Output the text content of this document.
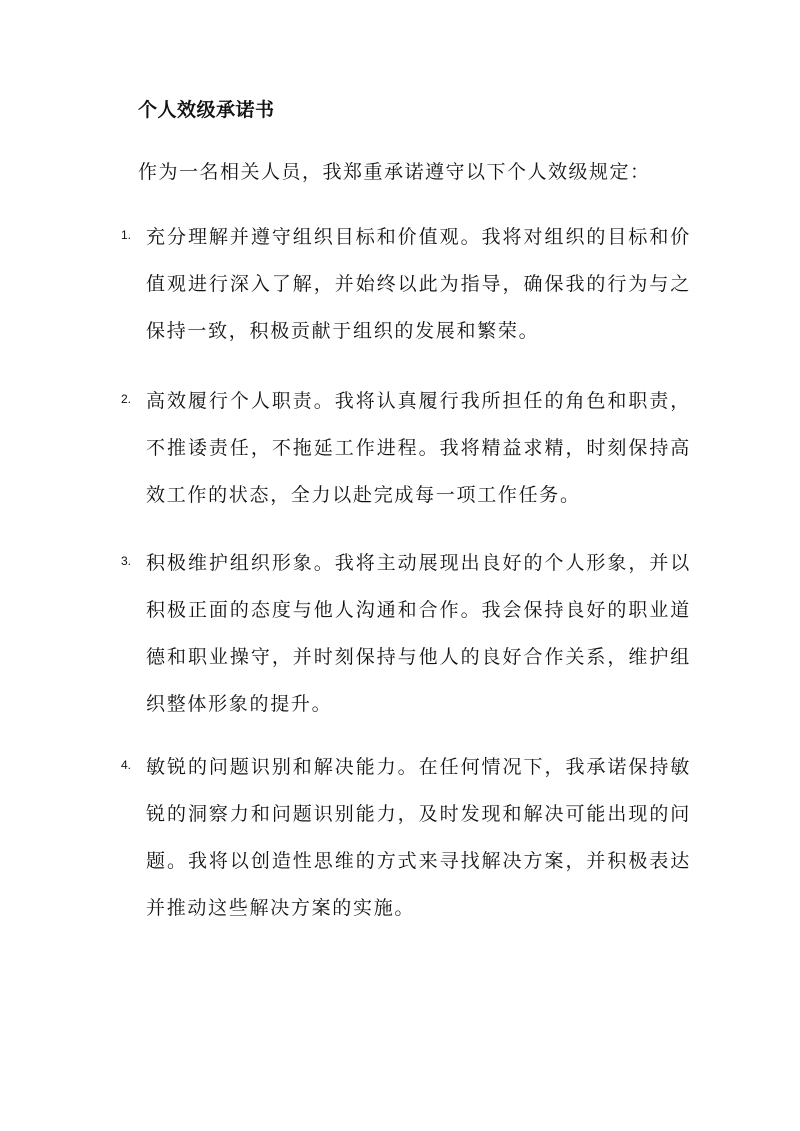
个人效级承诺书
作为一名相关人员，我郑重承诺遵守以下个人效级规定：
1. 充分理解并遵守组织目标和价值观。我将对组织的目标和价值观进行深入了解，并始终以此为指导，确保我的行为与之保持一致，积极贡献于组织的发展和繁荣。

2. 高效履行个人职责。我将认真履行我所担任的角色和职责，不推诿责任，不拖延工作进程。我将精益求精，时刻保持高效工作的状态，全力以赴完成每一项工作任务。

3. 积极维护组织形象。我将主动展现出良好的个人形象，并以积极正面的态度与他人沟通和合作。我会保持良好的职业道德和职业操守，并时刻保持与他人的良好合作关系，维护组织整体形象的提升。

4. 敏锐的问题识别和解决能力。在任何情况下，我承诺保持敏锐的洞察力和问题识别能力，及时发现和解决可能出现的问题。我将以创造性思维的方式来寻找解决方案，并积极表达并推动这些解决方案的实施。
